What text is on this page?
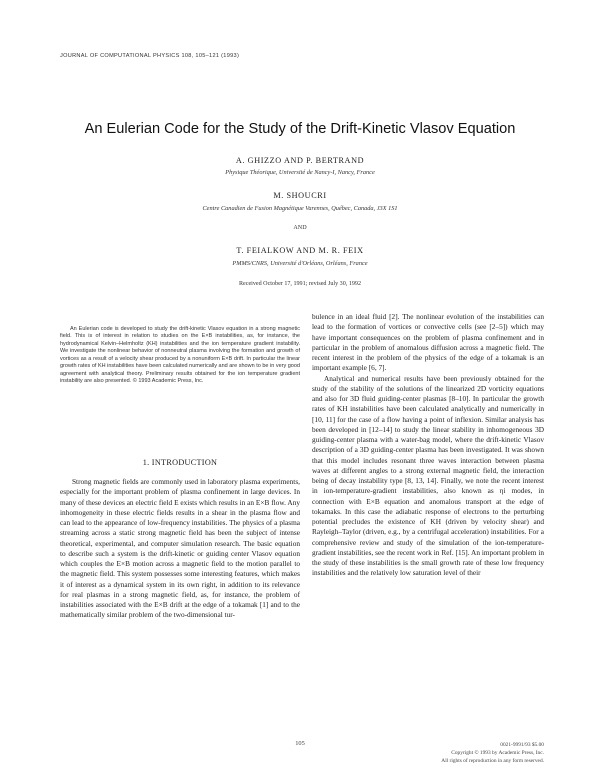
JOURNAL OF COMPUTATIONAL PHYSICS 108, 105–121 (1993)
An Eulerian Code for the Study of the Drift-Kinetic Vlasov Equation
A. GHIZZO AND P. BERTRAND
Physique Théorique, Université de Nancy-I, Nancy, France
M. SHOUCRI
Centre Canadien de Fusion Magnétique Varennes, Québec, Canada, J3X 1S1
AND
T. FEIALKOW AND M. R. FEIX
PMMS/CNRS, Université d'Orléans, Orléans, France
Received October 17, 1991; revised July 30, 1992
An Eulerian code is developed to study the drift-kinetic Vlasov equation in a strong magnetic field. This is of interest in relation to studies on the E×B instabilities, as, for instance, the hydrodynamical Kelvin–Helmholtz (KH) instabilities and the ion temperature gradient instability. We investigate the nonlinear behavior of nonneutral plasma involving the formation and growth of vortices as a result of a velocity shear produced by a nonuniform E×B drift. In particular the linear growth rates of KH instabilities have been calculated numerically and are shown to be in very good agreement with analytical theory. Preliminary results obtained for the ion temperature gradient instability are also presented. © 1993 Academic Press, Inc.
1. INTRODUCTION

Strong magnetic fields are commonly used in laboratory plasma experiments, especially for the important problem of plasma confinement in large devices. In many of these devices an electric field E exists which results in an E×B flow. Any inhomogeneity in these electric fields results in a shear in the plasma flow and can lead to the appearance of low-frequency instabilities. The physics of a plasma streaming across a static strong magnetic field has been the subject of intense theoretical, experimental, and computer simulation research. The basic equation to describe such a system is the drift-kinetic or guiding center Vlasov equation which couples the E×B motion across a magnetic field to the motion parallel to the magnetic field. This system possesses some interesting features, which makes it of interest as a dynamical system in its own right, in addition to its relevance for real plasmas in a strong magnetic field, as, for instance, the problem of instabilities associated with the E×B drift at the edge of a tokamak [1] and to the mathematically similar problem of the two-dimensional tur-

bulence in an ideal fluid [2]. The nonlinear evolution of the instabilities can lead to the formation of vortices or convective cells (see [2–5]) which may have important consequences on the problem of plasma confinement and in particular in the problem of anomalous diffusion across a magnetic field. The recent interest in the problem of the physics of the edge of a tokamak is an important example [6, 7].

Analytical and numerical results have been previously obtained for the study of the stability of the solutions of the linearized 2D vorticity equations and also for 3D fluid guiding-center plasmas [8–10]. In particular the growth rates of KH instabilities have been calculated analytically and numerically in [10, 11] for the case of a flow having a point of inflexion. Similar analysis has been developed in [12–14] to study the linear stability in inhomogeneous 3D guiding-center plasma with a water-bag model, where the drift-kinetic Vlasov description of a 3D guiding-center plasma has been investigated. It was shown that this model includes resonant three waves interaction between plasma waves at different angles to a strong external magnetic field, the interaction being of decay instability type [8, 13, 14]. Finally, we note the recent interest in ion-temperature-gradient instabilities, also known as ηi modes, in connection with E×B equation and anomalous transport at the edge of tokamaks. In this case the adiabatic response of electrons to the perturbing potential precludes the existence of KH (driven by velocity shear) and Rayleigh–Taylor (driven, e.g., by a centrifugal acceleration) instabilities. For a comprehensive review and study of the simulation of the ion-temperature-gradient instabilities, see the recent work in Ref. [15]. An important problem in the study of these instabilities is the small growth rate of these low frequency instabilities and the relatively low saturation level of their

105	0021-9991/93 $5.00
Copyright © 1993 by Academic Press, Inc.
All rights of reproduction in any form reserved.
